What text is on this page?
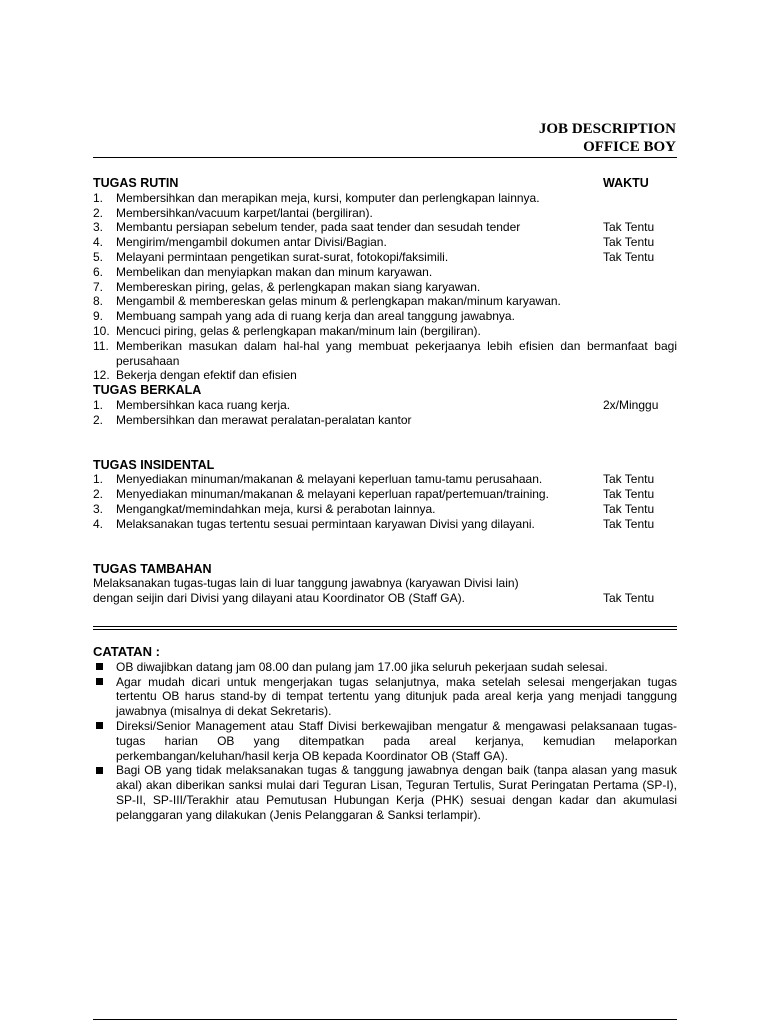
JOB DESCRIPTION
OFFICE BOY
TUGAS RUTIN	WAKTU
1.	Membersihkan dan merapikan meja, kursi, komputer dan perlengkapan lainnya.
2.	Membersihkan/vacuum karpet/lantai (bergiliran).
3.	Membantu persiapan sebelum tender, pada saat tender dan sesudah tender	Tak Tentu
4.	Mengirim/mengambil dokumen antar Divisi/Bagian.	Tak Tentu
5.	Melayani permintaan pengetikan surat-surat, fotokopi/faksimili.	Tak Tentu
6.	Membelikan dan menyiapkan makan dan minum karyawan.
7.	Membereskan piring, gelas, & perlengkapan makan siang karyawan.
8.	Mengambil & membereskan gelas minum & perlengkapan makan/minum karyawan.
9.	Membuang sampah yang ada di ruang kerja dan areal tanggung jawabnya.
10. Mencuci piring, gelas & perlengkapan makan/minum lain (bergiliran).
11. Memberikan masukan dalam hal-hal yang membuat pekerjaanya lebih efisien dan bermanfaat bagi perusahaan
12. Bekerja dengan efektif dan efisien
TUGAS BERKALA
1.	Membersihkan kaca ruang kerja.	2x/Minggu
2.	Membersihkan dan merawat peralatan-peralatan kantor
TUGAS INSIDENTAL
1.	Menyediakan minuman/makanan & melayani keperluan tamu-tamu perusahaan.	Tak Tentu
2.	Menyediakan minuman/makanan & melayani keperluan rapat/pertemuan/training.	Tak Tentu
3.	Mengangkat/memindahkan meja, kursi & perabotan lainnya.	Tak Tentu
4.	Melaksanakan tugas tertentu sesuai permintaan karyawan Divisi yang dilayani.	Tak Tentu
TUGAS TAMBAHAN
Melaksanakan tugas-tugas lain di luar tanggung jawabnya (karyawan Divisi lain)
dengan seijin dari Divisi yang dilayani atau Koordinator OB (Staff GA).	Tak Tentu
CATATAN :
OB diwajibkan datang jam 08.00 dan pulang jam 17.00 jika seluruh pekerjaan sudah selesai.
Agar mudah dicari untuk mengerjakan tugas selanjutnya, maka setelah selesai mengerjakan tugas tertentu OB harus stand-by di tempat tertentu yang ditunjuk pada areal kerja yang menjadi tanggung jawabnya (misalnya di dekat Sekretaris).
Direksi/Senior Management atau Staff Divisi berkewajiban mengatur & mengawasi pelaksanaan tugas-tugas harian OB yang ditempatkan pada areal kerjanya, kemudian melaporkan perkembangan/keluhan/hasil kerja OB kepada Koordinator OB (Staff GA).
Bagi OB yang tidak melaksanakan tugas & tanggung jawabnya dengan baik (tanpa alasan yang masuk akal) akan diberikan sanksi mulai dari Teguran Lisan, Teguran Tertulis, Surat Peringatan Pertama (SP-I), SP-II, SP-III/Terakhir atau Pemutusan Hubungan Kerja (PHK) sesuai dengan kadar dan akumulasi pelanggaran yang dilakukan (Jenis Pelanggaran & Sanksi terlampir).
